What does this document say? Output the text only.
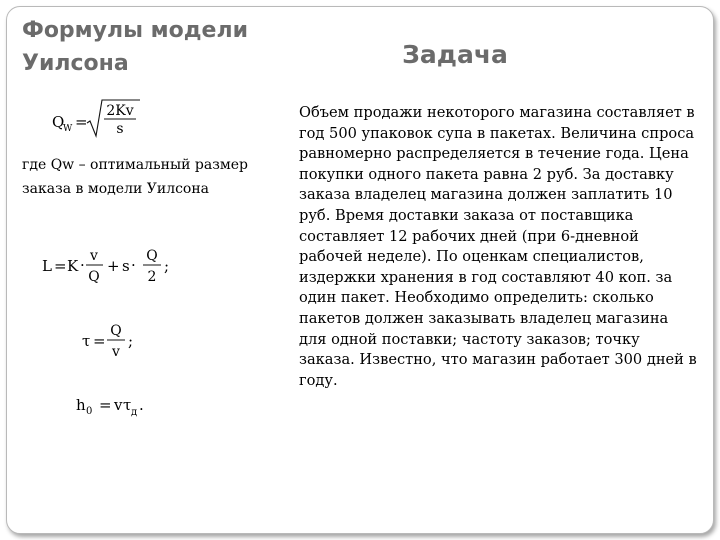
Формулы модели Уилсона	Задача
Q
W =
2Kv
s
где Qw – оптимальный размер заказа в модели Уилсона
L = K · v
Q
+ s · Q
2
;
τ =
Q
v
;
h 0 = v τ д .
Объем продажи некоторого магазина составляет в год 500 упаковок супа в пакетах. Величина спроса равномерно распределяется в течение года. Цена покупки одного пакета равна 2 руб. За доставку заказа владелец магазина должен заплатить 10 руб. Время доставки заказа от поставщика составляет 12 рабочих дней (при 6-дневной рабочей неделе). По оценкам специалистов, издержки хранения в год составляют 40 коп. за один пакет. Необходимо определить: сколько пакетов должен заказывать владелец магазина для одной поставки; частоту заказов; точку заказа. Известно, что магазин работает 300 дней в году.
